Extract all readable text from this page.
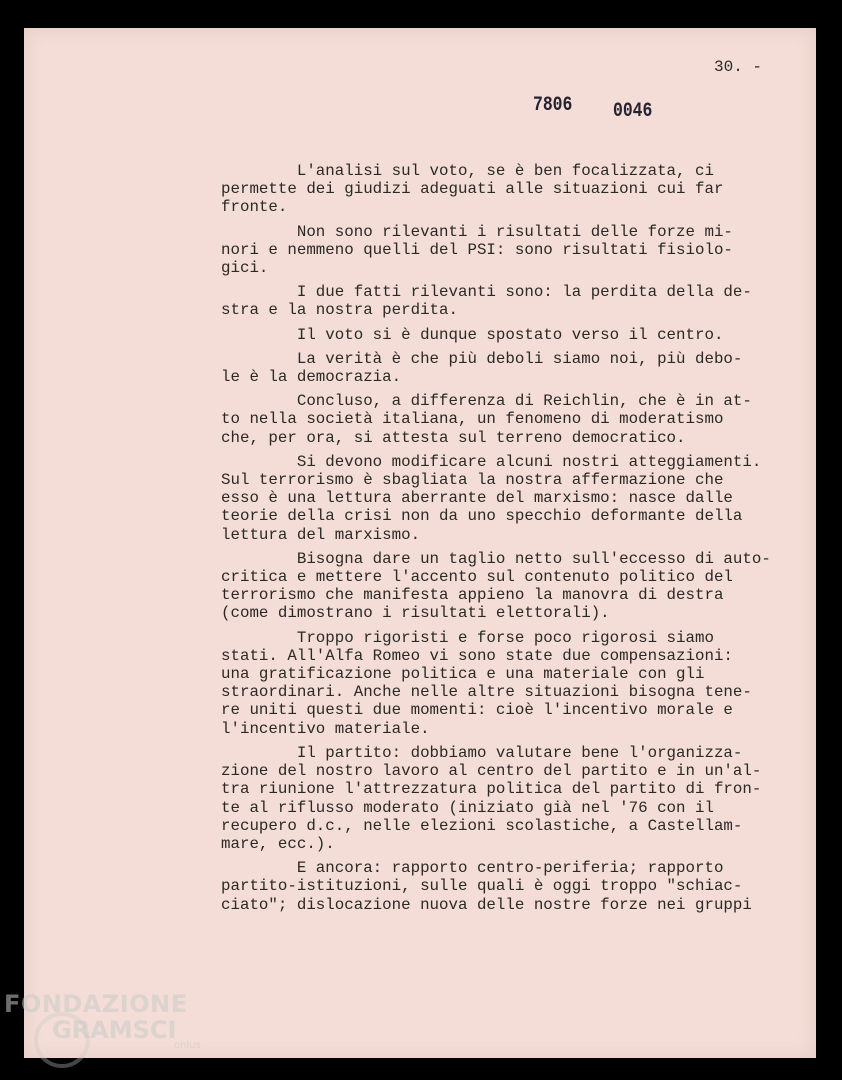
30. -
7806 0046

L'analisi sul voto, se è ben focalizzata, ci

permette dei giudizi adeguati alle situazioni cui far

fronte.

Non sono rilevanti i risultati delle forze mi-

nori e nemmeno quelli del PSI: sono risultati fisiolo-

gici.

I due fatti rilevanti sono: la perdita della de-

stra e la nostra perdita.

Il voto si è dunque spostato verso il centro.

La verità è che più deboli siamo noi, più debo-

le è la democrazia.

Concluso, a differenza di Reichlin, che è in at-

to nella società italiana, un fenomeno di moderatismo

che, per ora, si attesta sul terreno democratico.

Si devono modificare alcuni nostri atteggiamenti.

Sul terrorismo è sbagliata la nostra affermazione che

esso è una lettura aberrante del marxismo: nasce dalle

teorie della crisi non da uno specchio deformante della

lettura del marxismo.

Bisogna dare un taglio netto sull'eccesso di auto-

critica e mettere l'accento sul contenuto politico del

terrorismo che manifesta appieno la manovra di destra

(come dimostrano i risultati elettorali).

Troppo rigoristi e forse poco rigorosi siamo

stati. All'Alfa Romeo vi sono state due compensazioni:

una gratificazione politica e una materiale con gli

straordinari. Anche nelle altre situazioni bisogna tene-

re uniti questi due momenti: cioè l'incentivo morale e

l'incentivo materiale.

Il partito: dobbiamo valutare bene l'organizza-

zione del nostro lavoro al centro del partito e in un'al-

tra riunione l'attrezzatura politica del partito di fron-

te al riflusso moderato (iniziato già nel '76 con il

recupero d.c., nelle elezioni scolastiche, a Castellam-

mare, ecc.).

E ancora: rapporto centro-periferia; rapporto

partito-istituzioni, sulle quali è oggi troppo "schiac-

ciato"; dislocazione nuova delle nostre forze nei gruppi

FONDAZIONE
GRAMSCI
onlus
